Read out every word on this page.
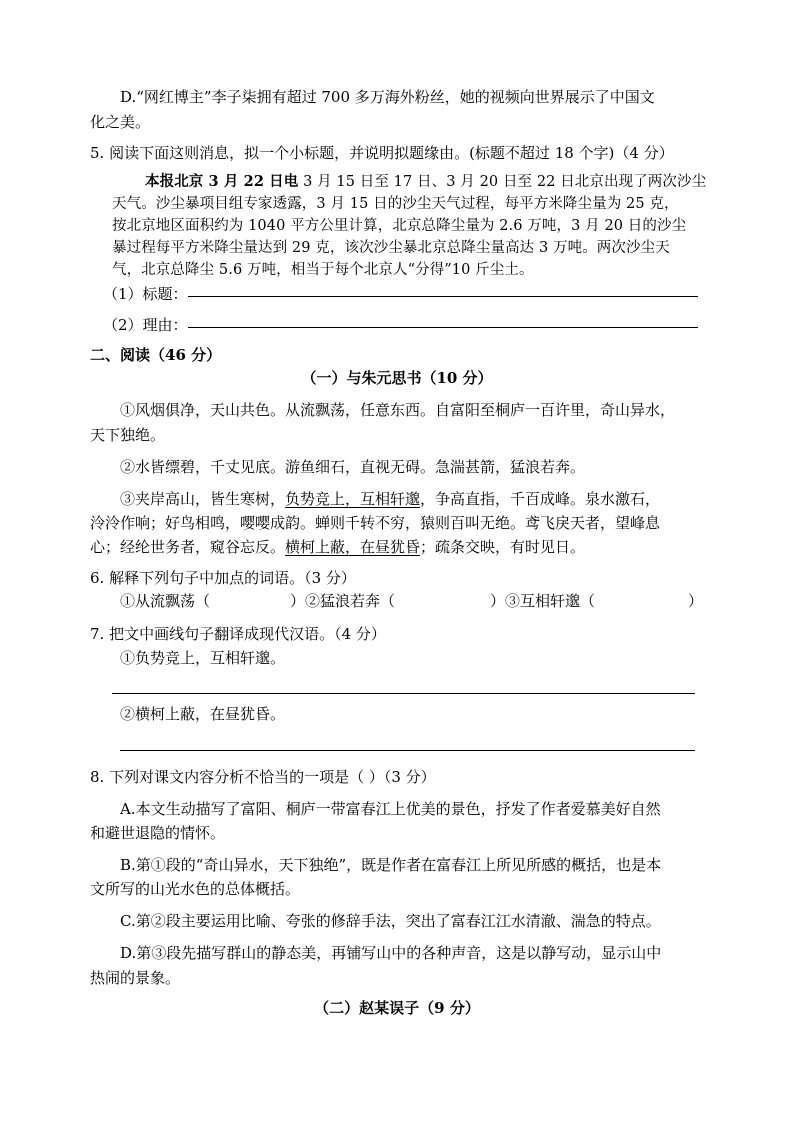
D.“网红博主”李子柒拥有超过 700 多万海外粉丝，她的视频向世界展示了中国文
化之美。
5. 阅读下面这则消息，拟一个小标题，并说明拟题缘由。(标题不超过 18 个字)（4 分）
本报北京 3 月 22 日电 3 月 15 日至 17 日、3 月 20 日至 22 日北京出现了两次沙尘
天气。沙尘暴项目组专家透露，3 月 15 日的沙尘天气过程，每平方米降尘量为 25 克，
按北京地区面积约为 1040 平方公里计算，北京总降尘量为 2.6 万吨，3 月 20 日的沙尘
暴过程每平方米降尘量达到 29 克，该次沙尘暴北京总降尘量高达 3 万吨。两次沙尘天
气，北京总降尘 5.6 万吨，相当于每个北京人“分得”10 斤尘土。
（1）标题：
（2）理由：
二、阅读（46 分）
（一）与朱元思书（10 分）
①风烟俱净，天山共色。从流飘荡，任意东西。自富阳至桐庐一百许里，奇山异水，
天下独绝。
②水皆缥碧，千丈见底。游鱼细石，直视无碍。急湍甚箭，猛浪若奔。
③夹岸高山，皆生寒树，负势竞上，互相轩邈，争高直指，千百成峰。泉水激石，
泠泠作响；好鸟相鸣，嘤嘤成韵。蝉则千转不穷，猿则百叫无绝。鸢飞戾天者，望峰息
心；经纶世务者，窥谷忘反。横柯上蔽，在昼犹昏；疏条交映，有时见日。
6. 解释下列句子中加点的词语。（3 分）
①从流飘荡（	）②猛浪若奔（	）③互相轩邈（	）
7. 把文中画线句子翻译成现代汉语。（4 分）
①负势竞上，互相轩邈。
②横柯上蔽，在昼犹昏。
8. 下列对课文内容分析不恰当的一项是（ ）（3 分）
A.本文生动描写了富阳、桐庐一带富春江上优美的景色，抒发了作者爱慕美好自然
和避世退隐的情怀。
B.第①段的“奇山异水，天下独绝”，既是作者在富春江上所见所感的概括，也是本
文所写的山光水色的总体概括。
C.第②段主要运用比喻、夸张的修辞手法，突出了富春江江水清澈、湍急的特点。
D.第③段先描写群山的静态美，再铺写山中的各种声音，这是以静写动，显示山中
热闹的景象。
（二）赵某误子（9 分）
